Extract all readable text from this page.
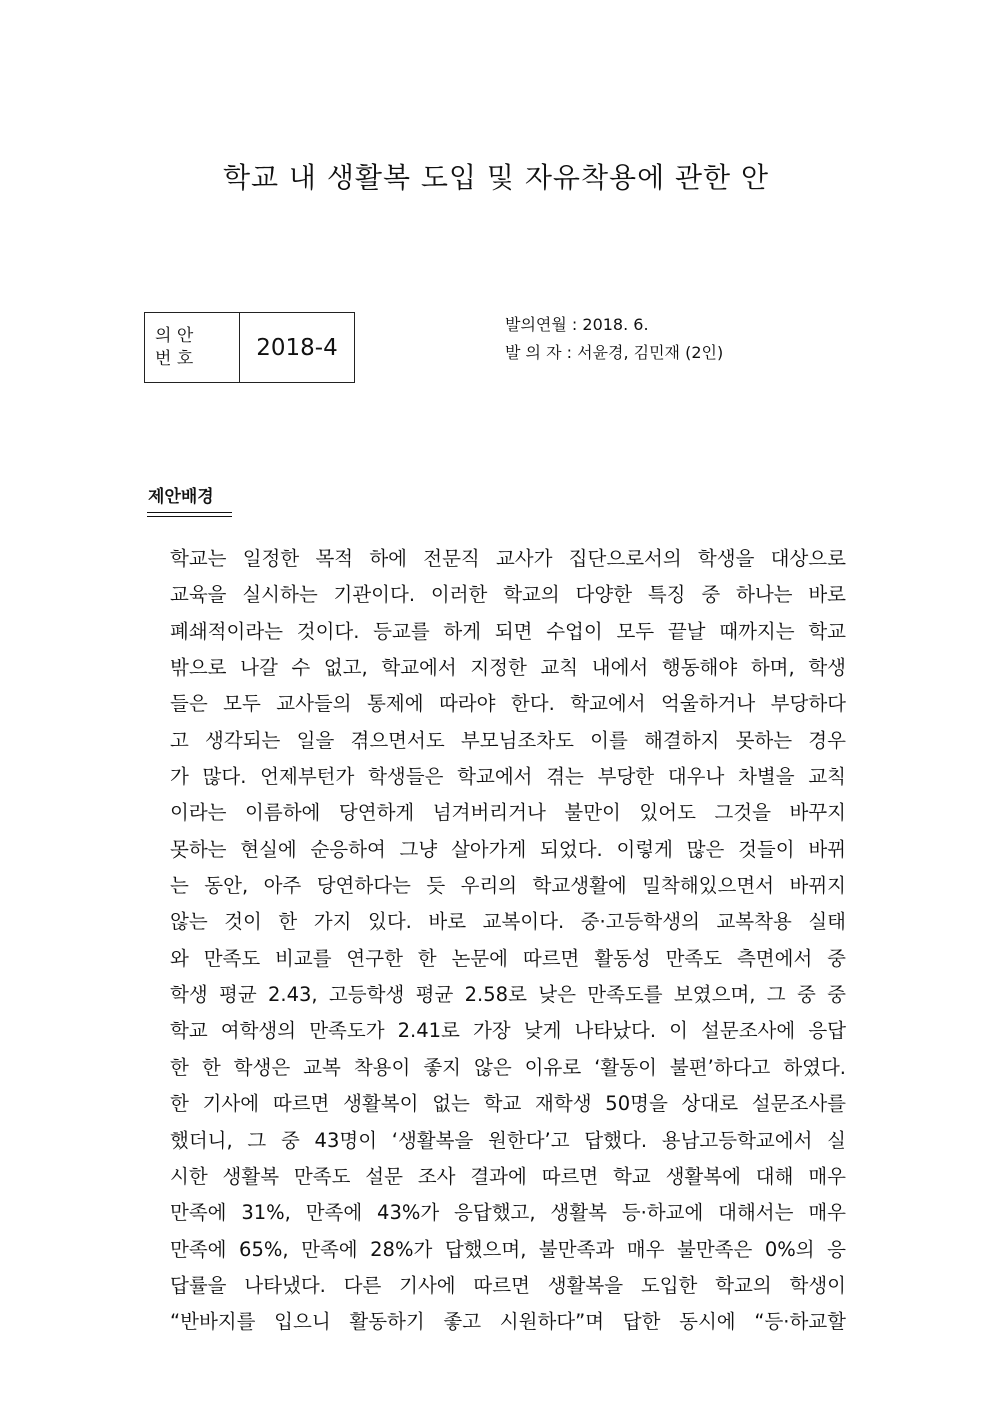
학교 내 생활복 도입 및 자유착용에 관한 안
의 안
번 호	2018-4
발의연월 : 2018. 6.
발 의 자 : 서윤경, 김민재 (2인)
제안배경
학교는 일정한 목적 하에 전문직 교사가 집단으로서의 학생을 대상으로
교육을 실시하는 기관이다. 이러한 학교의 다양한 특징 중 하나는 바로
폐쇄적이라는 것이다. 등교를 하게 되면 수업이 모두 끝날 때까지는 학교
밖으로 나갈 수 없고, 학교에서 지정한 교칙 내에서 행동해야 하며, 학생
들은 모두 교사들의 통제에 따라야 한다. 학교에서 억울하거나 부당하다
고 생각되는 일을 겪으면서도 부모님조차도 이를 해결하지 못하는 경우
가 많다. 언제부턴가 학생들은 학교에서 겪는 부당한 대우나 차별을 교칙
이라는 이름하에 당연하게 넘겨버리거나 불만이 있어도 그것을 바꾸지
못하는 현실에 순응하여 그냥 살아가게 되었다. 이렇게 많은 것들이 바뀌
는 동안, 아주 당연하다는 듯 우리의 학교생활에 밀착해있으면서 바뀌지
않는 것이 한 가지 있다. 바로 교복이다. 중·고등학생의 교복착용 실태
와 만족도 비교를 연구한 한 논문에 따르면 활동성 만족도 측면에서 중
학생 평균 2.43, 고등학생 평균 2.58로 낮은 만족도를 보였으며, 그 중 중
학교 여학생의 만족도가 2.41로 가장 낮게 나타났다. 이 설문조사에 응답
한 한 학생은 교복 착용이 좋지 않은 이유로 ‘활동이 불편’하다고 하였다.
한 기사에 따르면 생활복이 없는 학교 재학생 50명을 상대로 설문조사를
했더니, 그 중 43명이 ‘생활복을 원한다’고 답했다. 용남고등학교에서 실
시한 생활복 만족도 설문 조사 결과에 따르면 학교 생활복에 대해 매우
만족에 31%, 만족에 43%가 응답했고, 생활복 등·하교에 대해서는 매우
만족에 65%, 만족에 28%가 답했으며, 불만족과 매우 불만족은 0%의 응
답률을 나타냈다. 다른 기사에 따르면 생활복을 도입한 학교의 학생이
“반바지를 입으니 활동하기 좋고 시원하다”며 답한 동시에 “등·하교할
